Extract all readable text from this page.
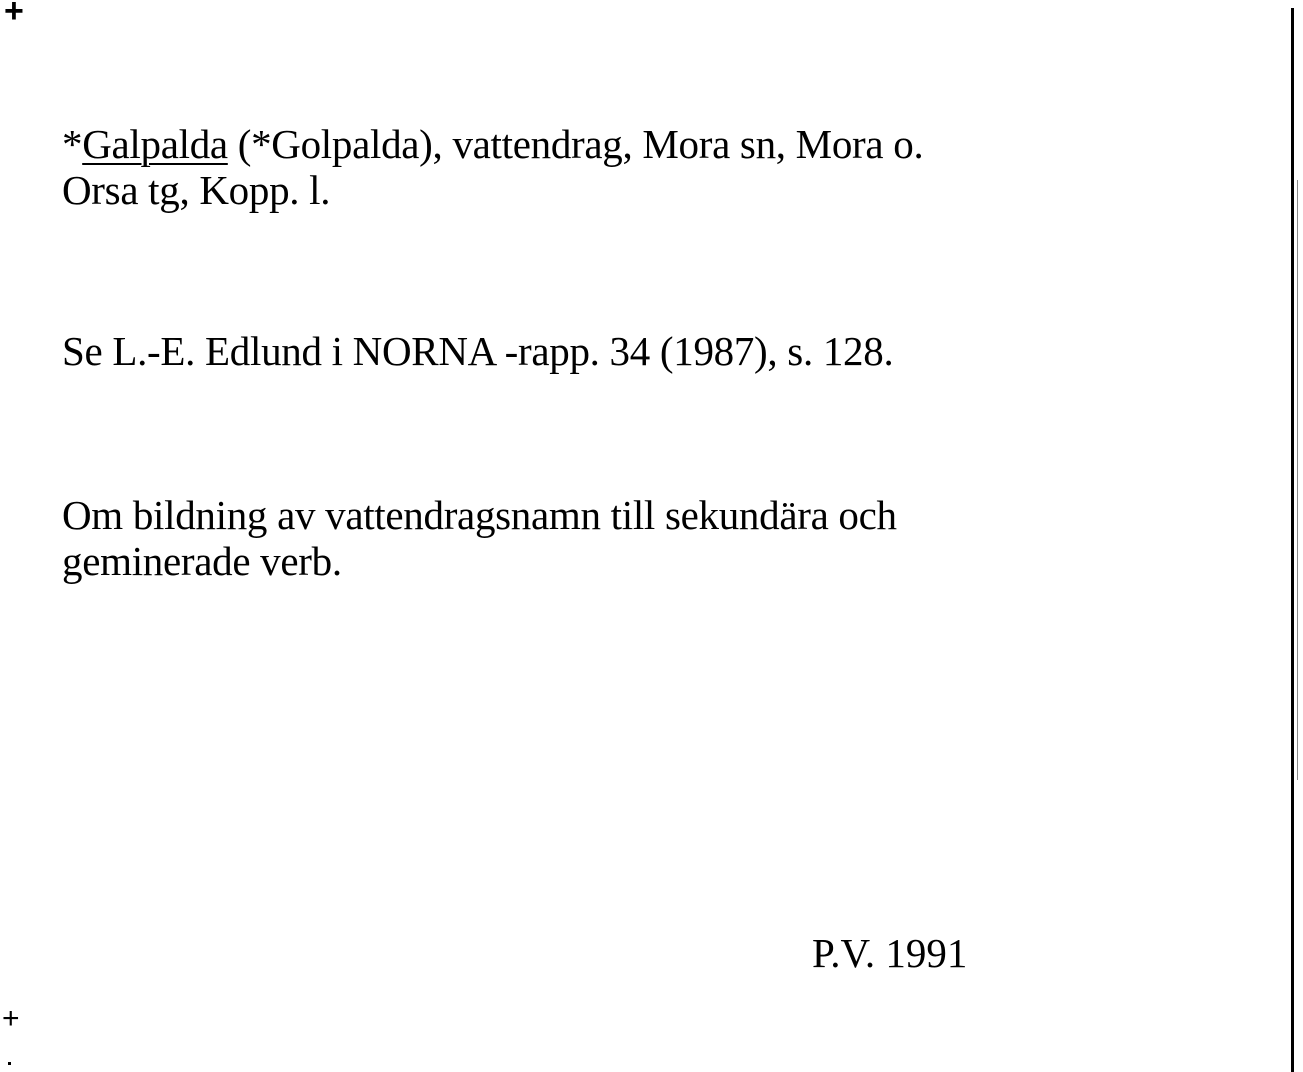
+
*Galpalda (*Golpalda), vattendrag, Mora sn, Mora o.
Orsa tg, Kopp. l.
Se L.-E. Edlund i NORNA -rapp. 34 (1987), s. 128.
Om bildning av vattendragsnamn till sekundära och
geminerade verb.
P.V. 1991
+
